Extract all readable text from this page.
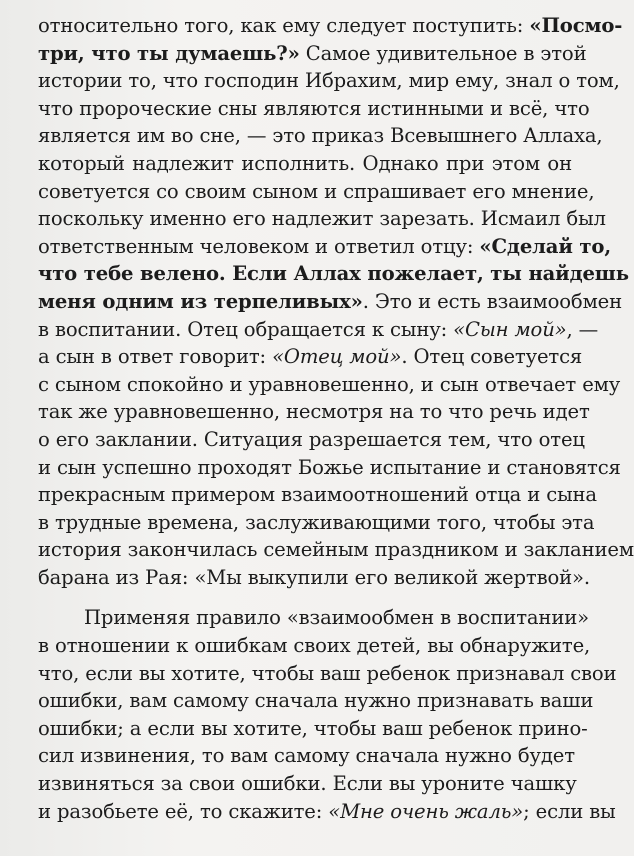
относительно того, как ему следует поступить: «Посмо-
три, что ты думаешь?» Самое удивительное в этой
истории то, что господин Ибрахим, мир ему, знал о том,
что пророческие сны являются истинными и всё, что
является им во сне, — это приказ Всевышнего Аллаха,
который надлежит исполнить. Однако при этом он
советуется со своим сыном и спрашивает его мнение,
поскольку именно его надлежит зарезать. Исмаил был
ответственным человеком и ответил отцу: «Сделай то,
что тебе велено. Если Аллах пожелает, ты найдешь
меня одним из терпеливых». Это и есть взаимообмен
в воспитании. Отец обращается к сыну: «Сын мой», —
а сын в ответ говорит: «Отец мой». Отец советуется
с сыном спокойно и уравновешенно, и сын отвечает ему
так же уравновешенно, несмотря на то что речь идет
о его заклании. Ситуация разрешается тем, что отец
и сын успешно проходят Божье испытание и становятся
прекрасным примером взаимоотношений отца и сына
в трудные времена, заслуживающими того, чтобы эта
история закончилась семейным праздником и закланием
барана из Рая: «Мы выкупили его великой жертвой».
Применяя правило «взаимообмен в воспитании»
в отношении к ошибкам своих детей, вы обнаружите,
что, если вы хотите, чтобы ваш ребенок признавал свои
ошибки, вам самому сначала нужно признавать ваши
ошибки; а если вы хотите, чтобы ваш ребенок прино-
сил извинения, то вам самому сначала нужно будет
извиняться за свои ошибки. Если вы уроните чашку
и разобьете её, то скажите: «Мне очень жаль»; если вы
